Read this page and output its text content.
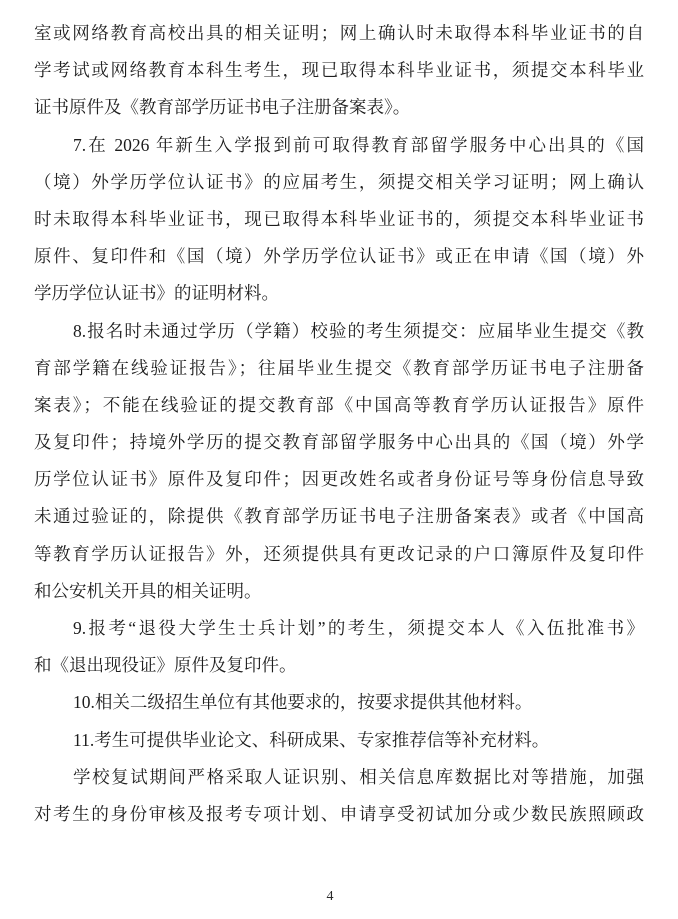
室或网络教育高校出具的相关证明；网上确认时未取得本科毕业证书的自
学考试或网络教育本科生考生，现已取得本科毕业证书，须提交本科毕业
证书原件及《教育部学历证书电子注册备案表》。
7.在 2026 年新生入学报到前可取得教育部留学服务中心出具的《国
（境）外学历学位认证书》的应届考生，须提交相关学习证明；网上确认
时未取得本科毕业证书，现已取得本科毕业证书的，须提交本科毕业证书
原件、复印件和《国（境）外学历学位认证书》或正在申请《国（境）外
学历学位认证书》的证明材料。
8.报名时未通过学历（学籍）校验的考生须提交：应届毕业生提交《教
育部学籍在线验证报告》；往届毕业生提交《教育部学历证书电子注册备
案表》；不能在线验证的提交教育部《中国高等教育学历认证报告》原件
及复印件；持境外学历的提交教育部留学服务中心出具的《国（境）外学
历学位认证书》原件及复印件；因更改姓名或者身份证号等身份信息导致
未通过验证的，除提供《教育部学历证书电子注册备案表》或者《中国高
等教育学历认证报告》外，还须提供具有更改记录的户口簿原件及复印件
和公安机关开具的相关证明。
9.报考“退役大学生士兵计划”的考生，须提交本人《入伍批准书》
和《退出现役证》原件及复印件。
10.相关二级招生单位有其他要求的，按要求提供其他材料。
11.考生可提供毕业论文、科研成果、专家推荐信等补充材料。
学校复试期间严格采取人证识别、相关信息库数据比对等措施，加强
对考生的身份审核及报考专项计划、申请享受初试加分或少数民族照顾政
4
